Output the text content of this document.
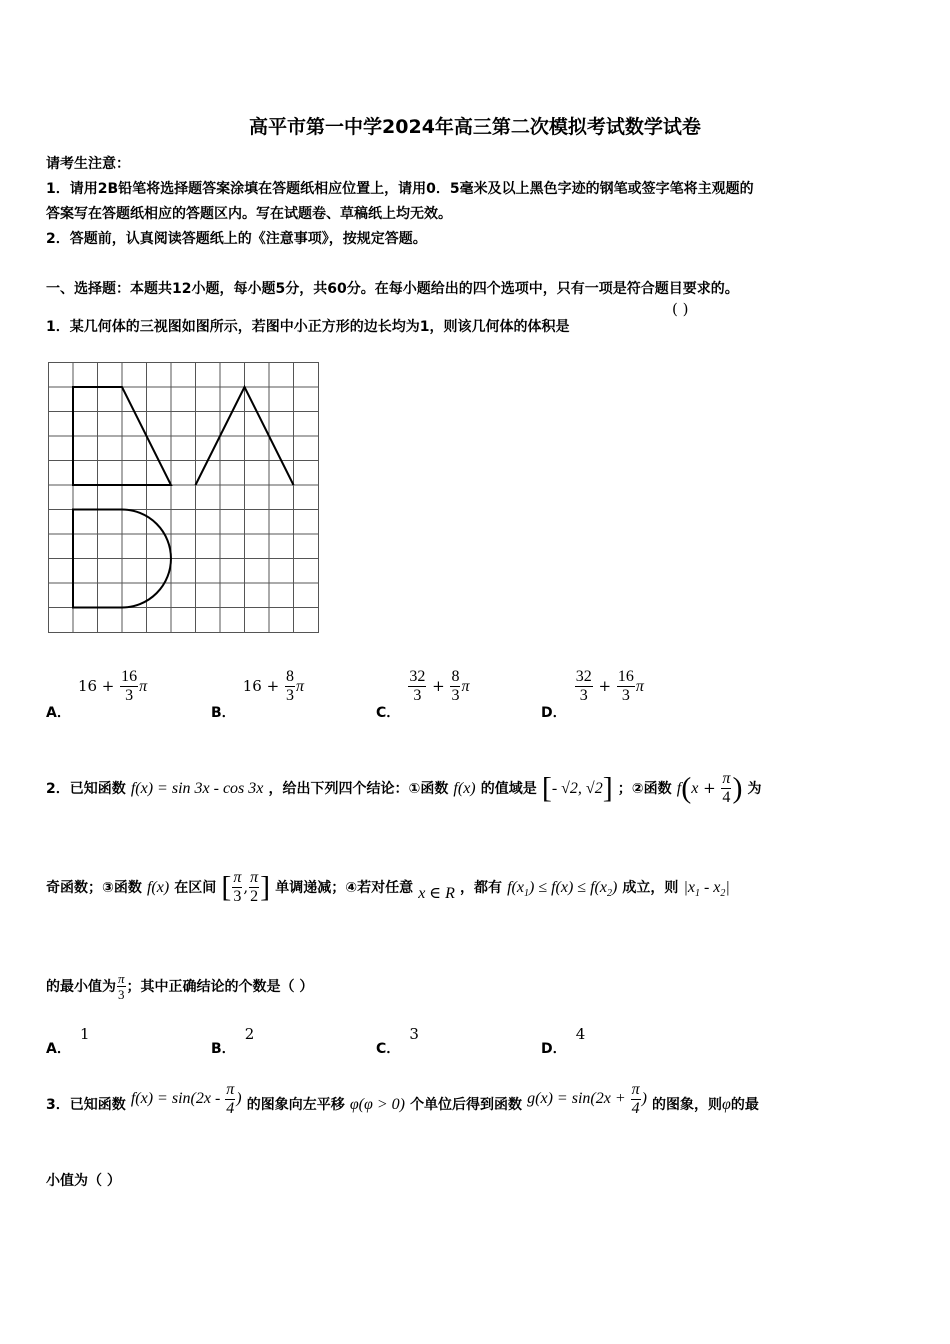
高平市第一中学2024年高三第二次模拟考试数学试卷
请考生注意：
1．请用2B铅笔将选择题答案涂填在答题纸相应位置上，请用0．5毫米及以上黑色字迹的钢笔或签字笔将主观题的
答案写在答题纸相应的答题区内。写在试题卷、草稿纸上均无效。
2．答题前，认真阅读答题纸上的《注意事项》，按规定答题。
一、选择题：本题共12小题，每小题5分，共60分。在每小题给出的四个选项中，只有一项是符合题目要求的。
1．某几何体的三视图如图所示，若图中小正方形的边长均为1，则该几何体的体积是
( )
A． $16 + \frac{16}{3}$ π
B． $16 + \frac{8}{3}$ π
C．
$\frac{32}{3} + \frac{8}{3}$ π
D．
$\frac{32}{3} + \frac{16}{3}$ π
2．已知函数 f(x) = sin 3x - cos 3x ，给出下列四个结论：①函数 f(x) 的值域是 [- √2, √2] ；②函数 $f(x + \frac{\pi}{4}$ ) 为
奇函数；③函数 f(x) 在区间 [ $\frac{\pi}{3}$ , $\frac{\pi}{2}$ ] 单调递减；④若对任意 x ∈ R ，都有 $f(x_1) \le f(x) \le f(x_2)$ 成立，则 $|x_1 - x_2|$
的最小值为 $\frac{\pi}{3}$ ；其中正确结论的个数是（ ）
A． 1
B． 2
C． 3
D． 4
3．已知函数 $f(x) = \sin(2x - \frac{\pi}{4}$ ) 的图象向左平移 φ(φ > 0) 个单位后得到函数 $g(x) = \sin(2x + \frac{\pi}{4}$ ) 的图象，则φ的最
小值为（ ）
